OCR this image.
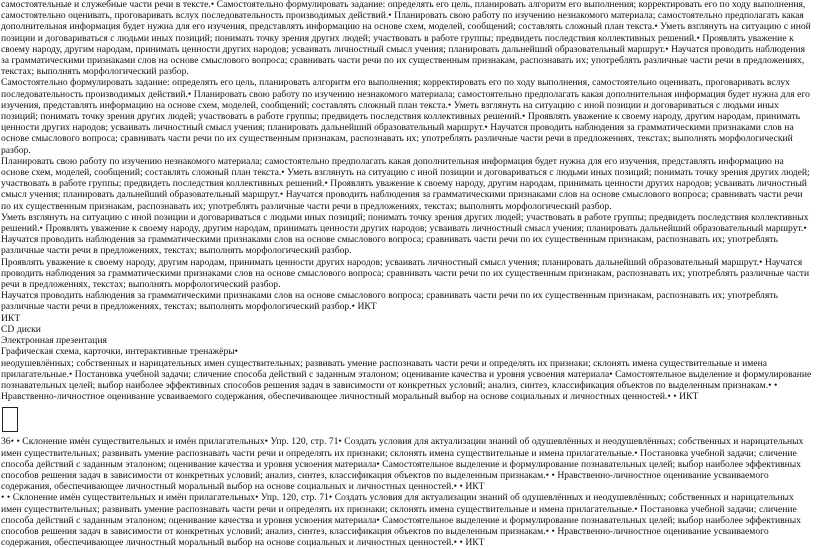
самостоятельные и служебные части речи в тексте.• Самостоятельно формулировать задание: определять его цель, планировать алгоритм его выполнения; корректировать его по ходу выполнения, самостоятельно оценивать, проговаривать вслух последовательность производимых действий.• Планировать свою работу по изучению незнакомого материала; самостоятельно предполагать какая дополнительная информация будет нужна для его изучения, представлять информацию на основе схем, моделей, сообщений; составлять сложный план текста.• Уметь взглянуть на ситуацию с иной позиции и договариваться с людьми иных позиций; понимать точку зрения других людей; участвовать в работе группы; предвидеть последствия коллективных решений.• Проявлять уважение к своему народу, другим народам, принимать ценности других народов; усваивать личностный смысл учения; планировать дальнейший образовательный маршрут.• Научатся проводить наблюдения за грамматическими признаками слов на основе смыслового вопроса; сравнивать части речи по их существенным признакам, распознавать их; употреблять различные части речи в предложениях, текстах; выполнять морфологический разбор.

Самостоятельно формулировать задание: определять его цель, планировать алгоритм его выполнения; корректировать его по ходу выполнения, самостоятельно оценивать, проговаривать вслух последовательность производимых действий.• Планировать свою работу по изучению незнакомого материала; самостоятельно предполагать какая дополнительная информация будет нужна для его изучения, представлять информацию на основе схем, моделей, сообщений; составлять сложный план текста.• Уметь взглянуть на ситуацию с иной позиции и договариваться с людьми иных позиций; понимать точку зрения других людей; участвовать в работе группы; предвидеть последствия коллективных решений.• Проявлять уважение к своему народу, другим народам, принимать ценности других народов; усваивать личностный смысл учения; планировать дальнейший образовательный маршрут.• Научатся проводить наблюдения за грамматическими признаками слов на основе смыслового вопроса; сравнивать части речи по их существенным признакам, распознавать их; употреблять различные части речи в предложениях, текстах; выполнять морфологический разбор.

Планировать свою работу по изучению незнакомого материала; самостоятельно предполагать какая дополнительная информация будет нужна для его изучения, представлять информацию на основе схем, моделей, сообщений; составлять сложный план текста.• Уметь взглянуть на ситуацию с иной позиции и договариваться с людьми иных позиций; понимать точку зрения других людей; участвовать в работе группы; предвидеть последствия коллективных решений.• Проявлять уважение к своему народу, другим народам, принимать ценности других народов; усваивать личностный смысл учения; планировать дальнейший образовательный маршрут.• Научатся проводить наблюдения за грамматическими признаками слов на основе смыслового вопроса; сравнивать части речи по их существенным признакам, распознавать их; употреблять различные части речи в предложениях, текстах; выполнять морфологический разбор.

Уметь взглянуть на ситуацию с иной позиции и договариваться с людьми иных позиций; понимать точку зрения других людей; участвовать в работе группы; предвидеть последствия коллективных решений.• Проявлять уважение к своему народу, другим народам, принимать ценности других народов; усваивать личностный смысл учения; планировать дальнейший образовательный маршрут.• Научатся проводить наблюдения за грамматическими признаками слов на основе смыслового вопроса; сравнивать части речи по их существенным признакам, распознавать их; употреблять различные части речи в предложениях, текстах; выполнять морфологический разбор.

Проявлять уважение к своему народу, другим народам, принимать ценности других народов; усваивать личностный смысл учения; планировать дальнейший образовательный маршрут.• Научатся проводить наблюдения за грамматическими признаками слов на основе смыслового вопроса; сравнивать части речи по их существенным признакам, распознавать их; употреблять различные части речи в предложениях, текстах; выполнять морфологический разбор.

Научатся проводить наблюдения за грамматическими признаками слов на основе смыслового вопроса; сравнивать части речи по их существенным признакам, распознавать их; употреблять различные части речи в предложениях, текстах; выполнять морфологический разбор.• ИКТ

ИКТ

CD диски

Электронная презентация

Графическая схема, карточки, интерактивные тренажёры•

неодушевлённых; собственных и нарицательных имен существительных; развивать умение распознавать части речи и определять их признаки; склонять имена существительные и имена прилагательные.• Постановка учебной задачи; сличение способа действий с заданным эталоном; оценивание качества и уровня усвоения материала• Самостоятельное выделение и формулирование познавательных целей; выбор наиболее эффективных способов решения задач в зависимости от конкретных условий; анализ, синтез, классификация объектов по выделенным признакам.• • Нравственно-личностное оценивание усваиваемого содержания, обеспечивающее личностный моральный выбор на основе социальных и личностных ценностей.• • ИКТ

36• • Склонение имён существительных и имён прилагательных• Упр. 120, стр. 71• Создать условия для актуализации знаний об одушевлённых и неодушевлённых; собственных и нарицательных имен существительных; развивать умение распознавать части речи и определять их признаки; склонять имена существительные и имена прилагательные.• Постановка учебной задачи; сличение способа действий с заданным эталоном; оценивание качества и уровня усвоения материала• Самостоятельное выделение и формулирование познавательных целей; выбор наиболее эффективных способов решения задач в зависимости от конкретных условий; анализ, синтез, классификация объектов по выделенным признакам.• • Нравственно-личностное оценивание усваиваемого содержания, обеспечивающее личностный моральный выбор на основе социальных и личностных ценностей.• • ИКТ

• • Склонение имён существительных и имён прилагательных• Упр. 120, стр. 71• Создать условия для актуализации знаний об одушевлённых и неодушевлённых; собственных и нарицательных имен существительных; развивать умение распознавать части речи и определять их признаки; склонять имена существительные и имена прилагательные.• Постановка учебной задачи; сличение способа действий с заданным эталоном; оценивание качества и уровня усвоения материала• Самостоятельное выделение и формулирование познавательных целей; выбор наиболее эффективных способов решения задач в зависимости от конкретных условий; анализ, синтез, классификация объектов по выделенным признакам.• • Нравственно-личностное оценивание усваиваемого содержания, обеспечивающее личностный моральный выбор на основе социальных и личностных ценностей.• • ИКТ
